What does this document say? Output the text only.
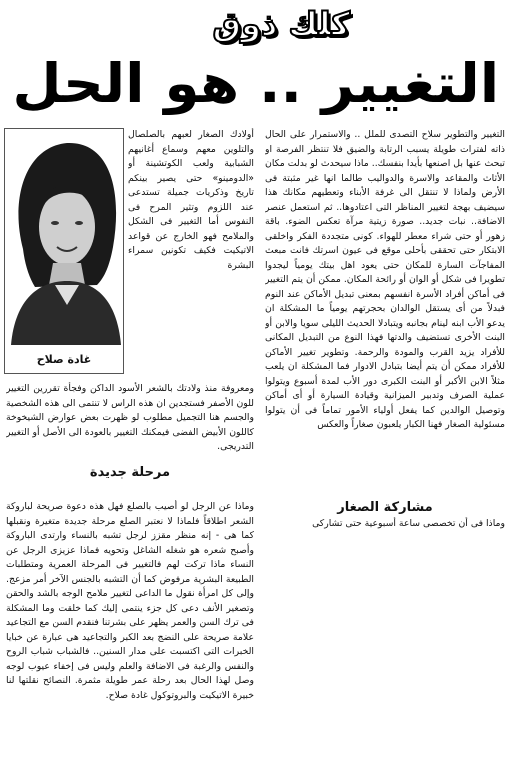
كلك ذوق
التغيير .. هو الحل

التغيير والتطوير سلاح التصدى للملل .. والاستمرار على الحال ذاته لفترات طويلة يسبب الرتابة والضيق فلا تنتظر الفرصة او تبحث عنها بل اصنعها بأيدا بنفسك.. ماذا سيحدث لو بدلت مكان الأثاث والمقاعد والاسرة والدواليب طالما انها غير مثبتة فى الأرض ولماذا لا تنتقل الى غرفة الأبناء وتعطيهم مكانك هذا سيضيف بهجة لتغيير المناظر التى اعتادوها.. ثم استعمل عنصر الاضافة.. نبات جديد.. صورة زيتية مرآة تعكس الضوء. باقة زهور أو حتى شراء معطر للهواء. كونى متجددة الفكر واخلقى الابتكار حتى تحققى بأحلى موقع فى عيون اسرتك فانت مبعث المفاجآت السارة للمكان حتى يعود اهل بيتك يومياً ليجدوا تطويرا فى شكل أو الوان أو رائحة المكان. ممكن أن يتم التغيير فى أماكن أفراد الأسرة انفسهم بمعنى تبديل الأماكن عند النوم فبدلاً من أى يستقل الوالدان بحجرتهم يومياً ما المشكلة ان يدعو الأب ابنه لينام بجانبه ويتبادلا الحديث الليلى سويا والابن أو البنت الأخرى تستضيف والدتها فهذا النوع من التبديل المكانى للأفراد يزيد القرب والمودة والرحمة. وتطوير تغيير الأماكن للأفراد ممكن أن يتم أيضا بتبادل الادوار فما المشكلة ان يلعب مثلاً الابن الأكبر أو البنت الكبرى دور الأب لمدة أسبوع ويتولوا عملية الصرف وتدبير الميزانية وقيادة السيارة أو أى أماكن وتوصيل الوالدين كما يفعل أولياء الأمور تماماً فى أن يتولوا مسئولية الصغار فهنا الكبار يلعبون صغاراً والعكس

مشاركة الصغار

وماذا فى أن تخصصى ساعة أسبوعية حتى تشاركى

غادة صلاح

أولادك الصغار لعبهم بالصلصال والتلوين معهم وسماع أغانيهم الشبابية ولعب الكوتشينة أو «الدومينو» حتى يصير بينكم تاريخ وذكريات جميلة تستدعى عند اللزوم وتثير المرح فى النفوس أما التغيير فى الشكل والملامح فهو الخارج عن قواعد الاتيكيت فكيف تكونين سمراء البشرة

ومعروفة منذ ولادتك بالشعر الأسود الداكن وفجأة تقررين التغيير للون الأصفر فستجدين ان هذه الراس لا تنتمى الى هذه الشخصية والجسم هنا التجميل مطلوب لو ظهرت بعض عوارض الشيخوخة كاللون الأبيض الفضى فيمكنك التغيير بالعودة الى الأصل أو التغيير التدريجى.

مرحلة جديدة

وماذا عن الرجل لو أصيب بالصلع فهل هذه دعوة صريحة لباروكة الشعر اطلاقاً فلماذا لا نعتبر الصلع مرحلة جديدة متغيرة ونقبلها كما هى - إنه منظر مقزز لرجل تشبه بالنساء وارتدى الباروكة وأصبح شعره هو شغله الشاغل وتحويه فماذا عزيزى الرجل عن النساء ماذا تركت لهم فالتغيير فى المرحلة العمرية ومتطلبات الطبيعة البشرية مرفوض كما أن التشبه بالجنس الآخر أمر مزعج. وإلى كل امرأة نقول ما الداعى لتغيير ملامح الوجه بالشد والحقن وتصغير الأنف دعى كل جزء ينتمى إليك كما خلقت وما المشكلة فى ترك السن والعمر يظهر على بشرتنا فنقدم السن مع التجاعيد علامة صريحة على النضج بعد الكبر والتجاعيد هى عبارة عن خبايا الخبرات التى اكتسبت على مدار السنين.. فالشباب شباب الروح والنفس والرغبة فى الاضافة والعلم وليس فى إخفاء عيوب لوجه وصل لهذا الحال بعد رحلة عمر طويلة مثمرة. النصائح نقلتها لنا خبيرة الاتيكيت والبروتوكول غادة صلاح.
